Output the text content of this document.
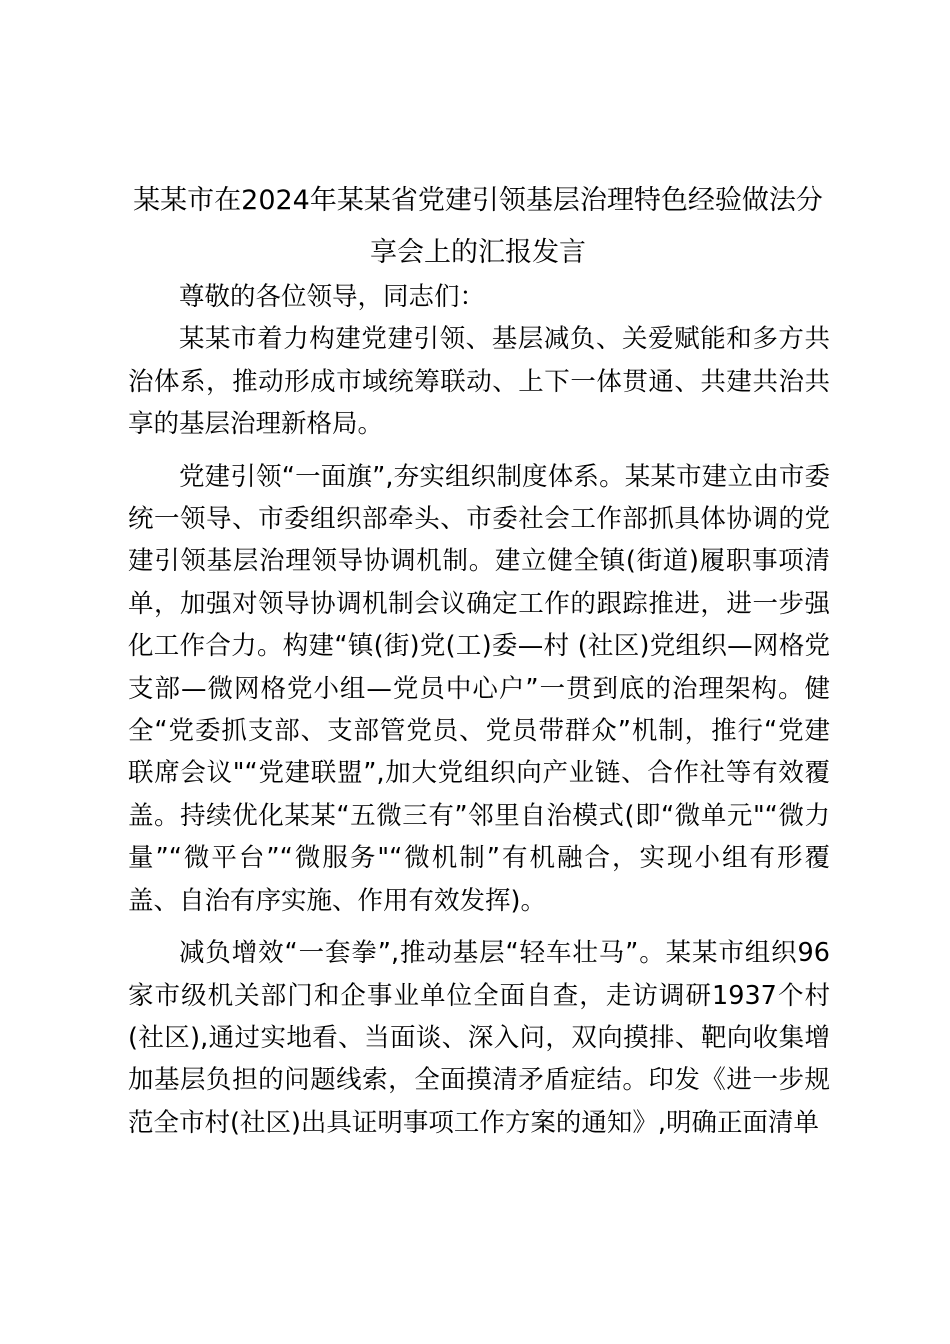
某某市在2024年某某省党建引领基层治理特色经验做法分享会上的汇报发言

尊敬的各位领导，同志们：

某某市着力构建党建引领、基层减负、关爱赋能和多方共治体系，推动形成市域统筹联动、上下一体贯通、共建共治共享的基层治理新格局。

党建引领“一面旗”,夯实组织制度体系。某某市建立由市委统一领导、市委组织部牵头、市委社会工作部抓具体协调的党建引领基层治理领导协调机制。建立健全镇(街道)履职事项清单，加强对领导协调机制会议确定工作的跟踪推进，进一步强化工作合力。构建“镇(街)党(工)委—村 (社区)党组织—网格党支部—微网格党小组—党员中心户”一贯到底的治理架构。健全“党委抓支部、支部管党员、党员带群众”机制，推行“党建联席会议"“党建联盟”,加大党组织向产业链、合作社等有效覆盖。持续优化某某“五微三有”邻里自治模式(即“微单元"“微力量”“微平台”“微服务"“微机制”有机融合，实现小组有形覆盖、自治有序实施、作用有效发挥)。

减负增效“一套拳”,推动基层“轻车壮马”。某某市组织96家市级机关部门和企事业单位全面自查，走访调研1937个村(社区),通过实地看、当面谈、深入问，双向摸排、靶向收集增加基层负担的问题线索，全面摸清矛盾症结。印发《进一步规范全市村(社区)出具证明事项工作方案的通知》,明确正面清单
